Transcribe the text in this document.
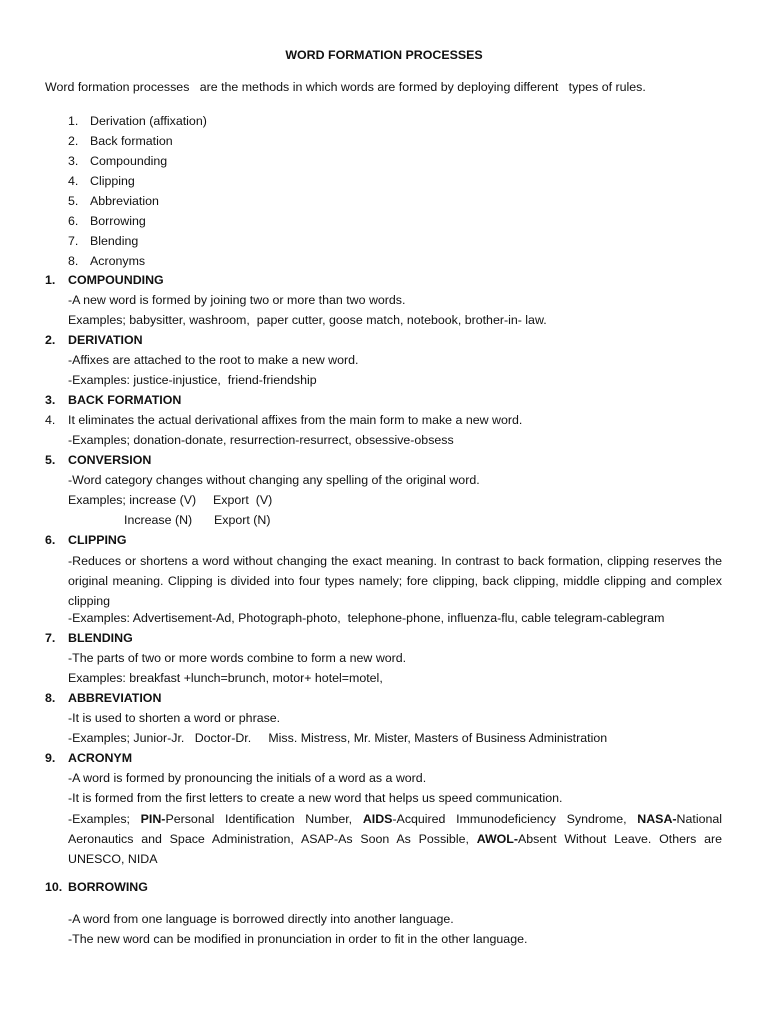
WORD FORMATION PROCESSES
Word formation processes   are the methods in which words are formed by deploying different   types of rules.
1. Derivation (affixation)
2. Back formation
3. Compounding
4. Clipping
5. Abbreviation
6. Borrowing
7. Blending
8. Acronyms
1. COMPOUNDING
-A new word is formed by joining two or more than two words.
Examples; babysitter, washroom,  paper cutter, goose match, notebook, brother-in- law.
2. DERIVATION
-Affixes are attached to the root to make a new word.
-Examples: justice-injustice,  friend-friendship
3. BACK FORMATION
4. It eliminates the actual derivational affixes from the main form to make a new word.
-Examples; donation-donate, resurrection-resurrect, obsessive-obsess
5. CONVERSION
-Word category changes without changing any spelling of the original word.
Examples; increase (V) Export  (V)
Increase (N) Export (N)
6. CLIPPING
-Reduces or shortens a word without changing the exact meaning. In contrast to back formation, clipping reserves the original meaning. Clipping is divided into four types namely; fore clipping, back clipping, middle clipping and complex clipping
-Examples: Advertisement-Ad, Photograph-photo,  telephone-phone, influenza-flu, cable telegram-cablegram
7. BLENDING
-The parts of two or more words combine to form a new word.
Examples: breakfast +lunch=brunch, motor+ hotel=motel,
8. ABBREVIATION
-It is used to shorten a word or phrase.
-Examples; Junior-Jr.   Doctor-Dr.     Miss. Mistress, Mr. Mister, Masters of Business Administration
9. ACRONYM
-A word is formed by pronouncing the initials of a word as a word.
-It is formed from the first letters to create a new word that helps us speed communication.
-Examples; PIN-Personal Identification Number, AIDS-Acquired Immunodeficiency Syndrome, NASA-National Aeronautics and Space Administration, ASAP-As Soon As Possible, AWOL-Absent Without Leave. Others are UNESCO, NIDA
10. BORROWING
-A word from one language is borrowed directly into another language.
-The new word can be modified in pronunciation in order to fit in the other language.
